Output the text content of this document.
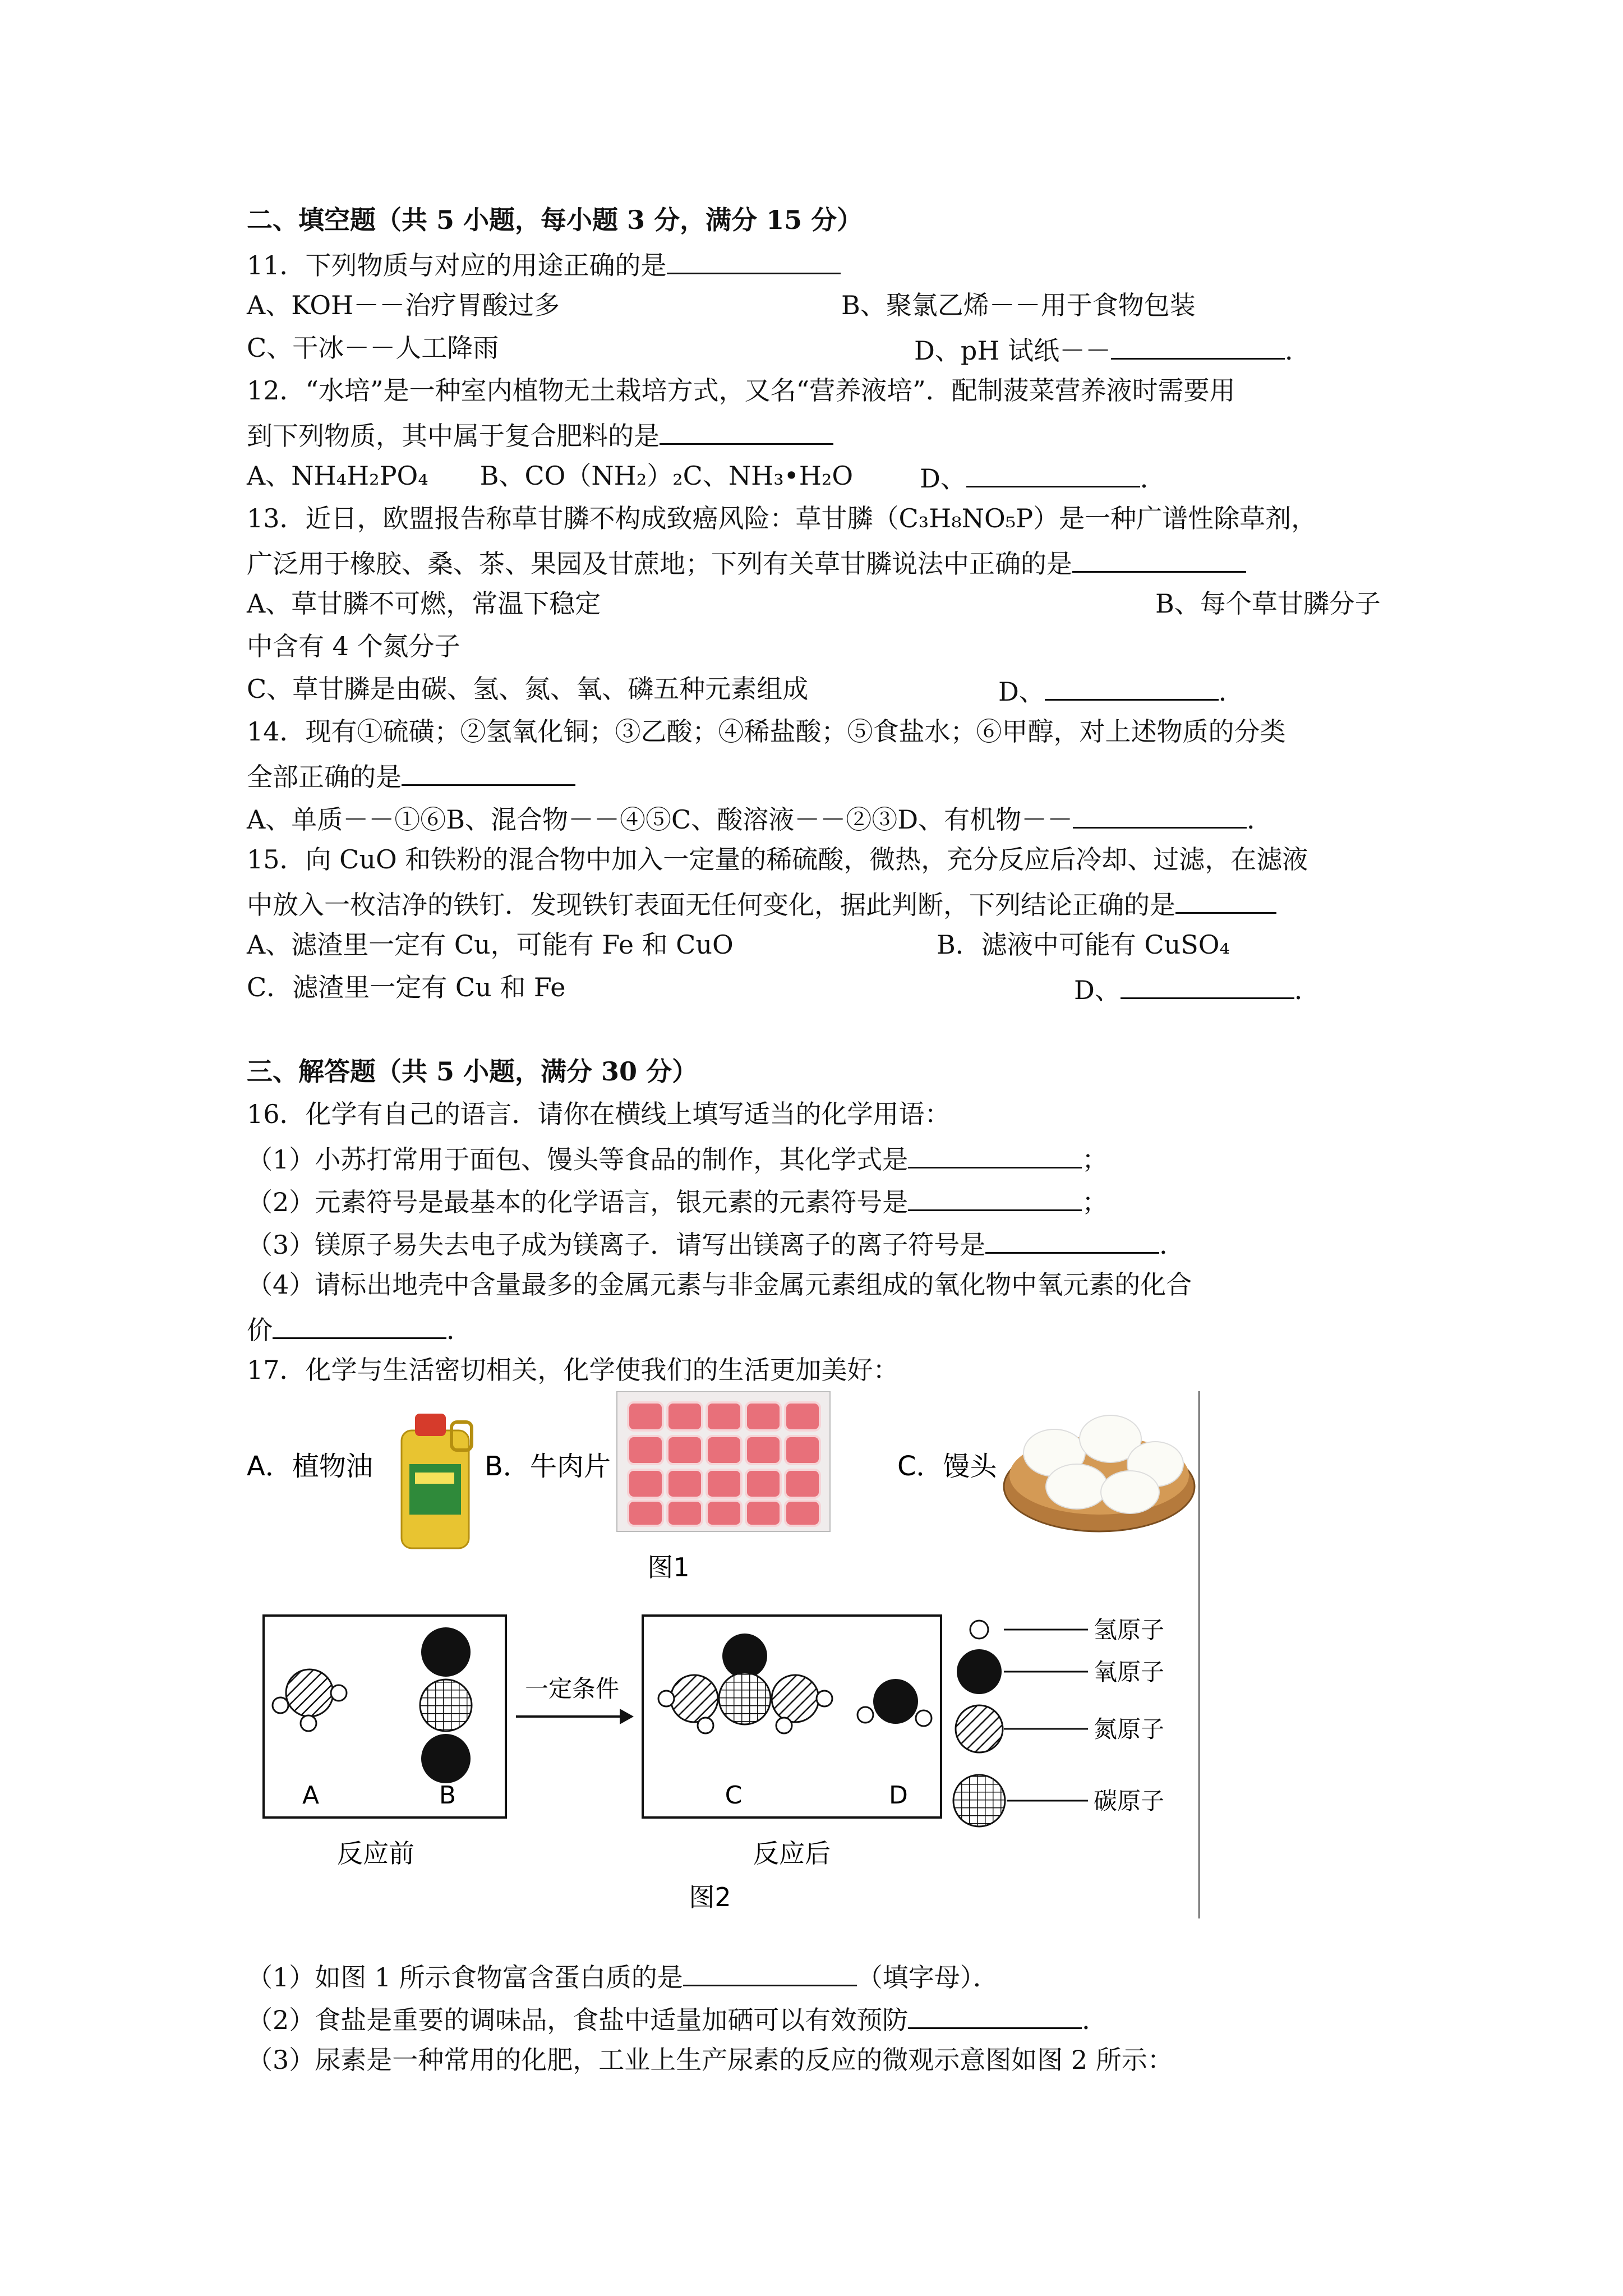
二、填空题（共 5 小题，每小题 3 分，满分 15 分）
11．下列物质与对应的用途正确的是
A、KOH－－治疗胃酸过多	B、聚氯乙烯－－用于食物包装
C、干冰－－人工降雨	D、pH 试纸－－	．
12．“水培”是一种室内植物无土栽培方式，又名“营养液培”．配制菠菜营养液时需要用
到下列物质，其中属于复合肥料的是
A、NH₄H₂PO₄　　B、CO（NH₂）₂C、NH₃•H₂O	D、	．
13．近日，欧盟报告称草甘膦不构成致癌风险：草甘膦（C₃H₈NO₅P）是一种广谱性除草剂，
广泛用于橡胶、桑、茶、果园及甘蔗地；下列有关草甘膦说法中正确的是
A、草甘膦不可燃，常温下稳定	B、每个草甘膦分子
中含有 4 个氮分子
C、草甘膦是由碳、氢、氮、氧、磷五种元素组成	D、	．
14．现有①硫磺；②氢氧化铜；③乙酸；④稀盐酸；⑤食盐水；⑥甲醇，对上述物质的分类
全部正确的是
A、单质－－①⑥B、混合物－－④⑤C、酸溶液－－②③D、有机物－－	．
15．向 CuO 和铁粉的混合物中加入一定量的稀硫酸，微热，充分反应后冷却、过滤，在滤液
中放入一枚洁净的铁钉．发现铁钉表面无任何变化，据此判断，下列结论正确的是
A、滤渣里一定有 Cu，可能有 Fe 和 CuO	B．滤液中可能有 CuSO₄
C．滤渣里一定有 Cu 和 Fe	D、	．
三、解答题（共 5 小题，满分 30 分）
16．化学有自己的语言．请你在横线上填写适当的化学用语：
（1）小苏打常用于面包、馒头等食品的制作，其化学式是	；
（2）元素符号是最基本的化学语言，银元素的元素符号是	；
（3）镁原子易失去电子成为镁离子．请写出镁离子的离子符号是	．
（4）请标出地壳中含量最多的金属元素与非金属元素组成的氧化物中氧元素的化合
价	．
17．化学与生活密切相关，化学使我们的生活更加美好：
A．植物油	B．牛肉片	C．馒头
图1
A	B
反应前
一定条件
C	D
反应后
图2
氢原子
氧原子
氮原子
碳原子
（1）如图 1 所示食物富含蛋白质的是	（填字母）．
（2）食盐是重要的调味品，食盐中适量加硒可以有效预防	．
（3）尿素是一种常用的化肥，工业上生产尿素的反应的微观示意图如图 2 所示：
